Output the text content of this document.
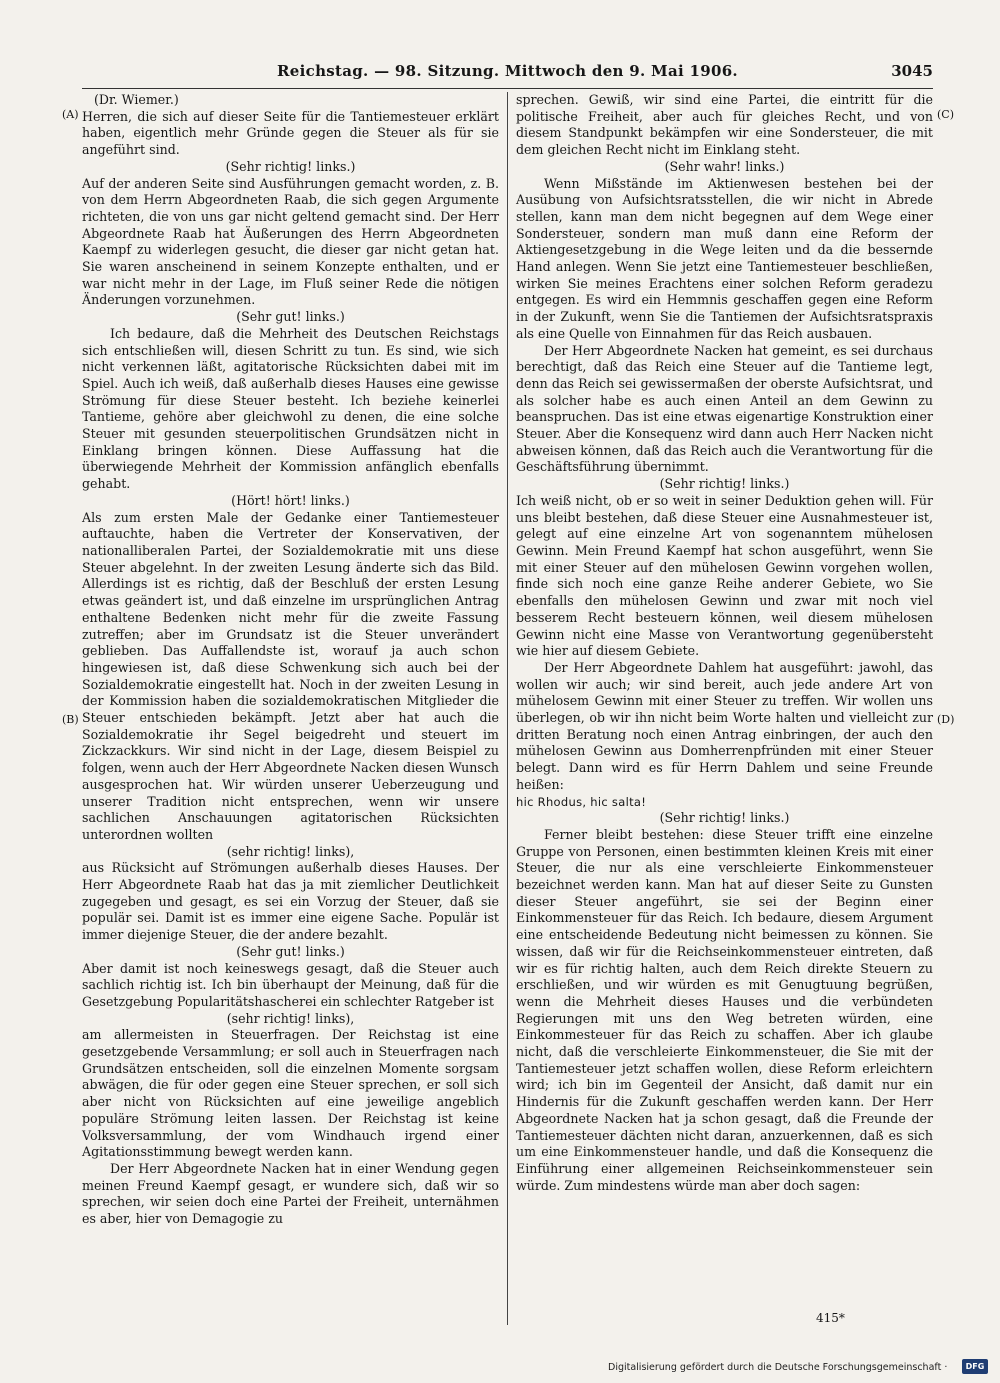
Reichstag. — 98. Sitzung. Mittwoch den 9. Mai 1906.	3045
(A)
(B)
(C)
(D)

(Dr. Wiemer.)

Herren, die sich auf dieser Seite für die Tantiemesteuer erklärt haben, eigentlich mehr Gründe gegen die Steuer als für sie angeführt sind.

(Sehr richtig! links.)

Auf der anderen Seite sind Ausführungen gemacht worden, z. B. von dem Herrn Abgeordneten Raab, die sich gegen Argumente richteten, die von uns gar nicht geltend gemacht sind. Der Herr Abgeordnete Raab hat Äußerungen des Herrn Abgeordneten Kaempf zu widerlegen gesucht, die dieser gar nicht getan hat. Sie waren anscheinend in seinem Konzepte enthalten, und er war nicht mehr in der Lage, im Fluß seiner Rede die nötigen Änderungen vorzunehmen.

(Sehr gut! links.)

Ich bedaure, daß die Mehrheit des Deutschen Reichstags sich entschließen will, diesen Schritt zu tun. Es sind, wie sich nicht verkennen läßt, agitatorische Rücksichten dabei mit im Spiel. Auch ich weiß, daß außerhalb dieses Hauses eine gewisse Strömung für diese Steuer besteht. Ich beziehe keinerlei Tantieme, gehöre aber gleichwohl zu denen, die eine solche Steuer mit gesunden steuerpolitischen Grundsätzen nicht in Einklang bringen können. Diese Auffassung hat die überwiegende Mehrheit der Kommission anfänglich ebenfalls gehabt.

(Hört! hört! links.)

Als zum ersten Male der Gedanke einer Tantiemesteuer auftauchte, haben die Vertreter der Konservativen, der nationalliberalen Partei, der Sozialdemokratie mit uns diese Steuer abgelehnt. In der zweiten Lesung änderte sich das Bild. Allerdings ist es richtig, daß der Beschluß der ersten Lesung etwas geändert ist, und daß einzelne im ursprünglichen Antrag enthaltene Bedenken nicht mehr für die zweite Fassung zutreffen; aber im Grundsatz ist die Steuer unverändert geblieben. Das Auffallendste ist, worauf ja auch schon hingewiesen ist, daß diese Schwenkung sich auch bei der Sozialdemokratie eingestellt hat. Noch in der zweiten Lesung in der Kommission haben die sozialdemokratischen Mitglieder die Steuer entschieden bekämpft. Jetzt aber hat auch die Sozialdemokratie ihr Segel beigedreht und steuert im Zickzackkurs. Wir sind nicht in der Lage, diesem Beispiel zu folgen, wenn auch der Herr Abgeordnete Nacken diesen Wunsch ausgesprochen hat. Wir würden unserer Ueberzeugung und unserer Tradition nicht entsprechen, wenn wir unsere sachlichen Anschauungen agitatorischen Rücksichten unterordnen wollten

(sehr richtig! links),

aus Rücksicht auf Strömungen außerhalb dieses Hauses. Der Herr Abgeordnete Raab hat das ja mit ziemlicher Deutlichkeit zugegeben und gesagt, es sei ein Vorzug der Steuer, daß sie populär sei. Damit ist es immer eine eigene Sache. Populär ist immer diejenige Steuer, die der andere bezahlt.

(Sehr gut! links.)

Aber damit ist noch keineswegs gesagt, daß die Steuer auch sachlich richtig ist. Ich bin überhaupt der Meinung, daß für die Gesetzgebung Popularitätshascherei ein schlechter Ratgeber ist

(sehr richtig! links),

am allermeisten in Steuerfragen. Der Reichstag ist eine gesetzgebende Versammlung; er soll auch in Steuerfragen nach Grundsätzen entscheiden, soll die einzelnen Momente sorgsam abwägen, die für oder gegen eine Steuer sprechen, er soll sich aber nicht von Rücksichten auf eine jeweilige angeblich populäre Strömung leiten lassen. Der Reichstag ist keine Volksversammlung, der vom Windhauch irgend einer Agitationsstimmung bewegt werden kann.

Der Herr Abgeordnete Nacken hat in einer Wendung gegen meinen Freund Kaempf gesagt, er wundere sich, daß wir so sprechen, wir seien doch eine Partei der Freiheit, unternähmen es aber, hier von Demagogie zu

sprechen. Gewiß, wir sind eine Partei, die eintritt für die politische Freiheit, aber auch für gleiches Recht, und von diesem Standpunkt bekämpfen wir eine Sondersteuer, die mit dem gleichen Recht nicht im Einklang steht.

(Sehr wahr! links.)

Wenn Mißstände im Aktienwesen bestehen bei der Ausübung von Aufsichtsratsstellen, die wir nicht in Abrede stellen, kann man dem nicht begegnen auf dem Wege einer Sondersteuer, sondern man muß dann eine Reform der Aktiengesetzgebung in die Wege leiten und da die bessernde Hand anlegen. Wenn Sie jetzt eine Tantiemesteuer beschließen, wirken Sie meines Erachtens einer solchen Reform geradezu entgegen. Es wird ein Hemmnis geschaffen gegen eine Reform in der Zukunft, wenn Sie die Tantiemen der Aufsichtsratspraxis als eine Quelle von Einnahmen für das Reich ausbauen.

Der Herr Abgeordnete Nacken hat gemeint, es sei durchaus berechtigt, daß das Reich eine Steuer auf die Tantieme legt, denn das Reich sei gewissermaßen der oberste Aufsichtsrat, und als solcher habe es auch einen Anteil an dem Gewinn zu beanspruchen. Das ist eine etwas eigenartige Konstruktion einer Steuer. Aber die Konsequenz wird dann auch Herr Nacken nicht abweisen können, daß das Reich auch die Verantwortung für die Geschäftsführung übernimmt.

(Sehr richtig! links.)

Ich weiß nicht, ob er so weit in seiner Deduktion gehen will. Für uns bleibt bestehen, daß diese Steuer eine Ausnahmesteuer ist, gelegt auf eine einzelne Art von sogenanntem mühelosen Gewinn. Mein Freund Kaempf hat schon ausgeführt, wenn Sie mit einer Steuer auf den mühelosen Gewinn vorgehen wollen, finde sich noch eine ganze Reihe anderer Gebiete, wo Sie ebenfalls den mühelosen Gewinn und zwar mit noch viel besserem Recht besteuern können, weil diesem mühelosen Gewinn nicht eine Masse von Verantwortung gegenübersteht wie hier auf diesem Gebiete.

Der Herr Abgeordnete Dahlem hat ausgeführt: jawohl, das wollen wir auch; wir sind bereit, auch jede andere Art von mühelosem Gewinn mit einer Steuer zu treffen. Wir wollen uns überlegen, ob wir ihn nicht beim Worte halten und vielleicht zur dritten Beratung noch einen Antrag einbringen, der auch den mühelosen Gewinn aus Domherrenpfründen mit einer Steuer belegt. Dann wird es für Herrn Dahlem und seine Freunde heißen:

hic Rhodus, hic salta!

(Sehr richtig! links.)

Ferner bleibt bestehen: diese Steuer trifft eine einzelne Gruppe von Personen, einen bestimmten kleinen Kreis mit einer Steuer, die nur als eine verschleierte Einkommensteuer bezeichnet werden kann. Man hat auf dieser Seite zu Gunsten dieser Steuer angeführt, sie sei der Beginn einer Einkommensteuer für das Reich. Ich bedaure, diesem Argument eine entscheidende Bedeutung nicht beimessen zu können. Sie wissen, daß wir für die Reichseinkommensteuer eintreten, daß wir es für richtig halten, auch dem Reich direkte Steuern zu erschließen, und wir würden es mit Genugtuung begrüßen, wenn die Mehrheit dieses Hauses und die verbündeten Regierungen mit uns den Weg betreten würden, eine Einkommesteuer für das Reich zu schaffen. Aber ich glaube nicht, daß die verschleierte Einkommensteuer, die Sie mit der Tantiemesteuer jetzt schaffen wollen, diese Reform erleichtern wird; ich bin im Gegenteil der Ansicht, daß damit nur ein Hindernis für die Zukunft geschaffen werden kann. Der Herr Abgeordnete Nacken hat ja schon gesagt, daß die Freunde der Tantiemesteuer dächten nicht daran, anzuerkennen, daß es sich um eine Einkommensteuer handle, und daß die Konsequenz die Einführung einer allgemeinen Reichseinkommensteuer sein würde. Zum mindestens würde man aber doch sagen:

415*
Digitalisierung gefördert durch die Deutsche Forschungsgemeinschaft ·	DFG
